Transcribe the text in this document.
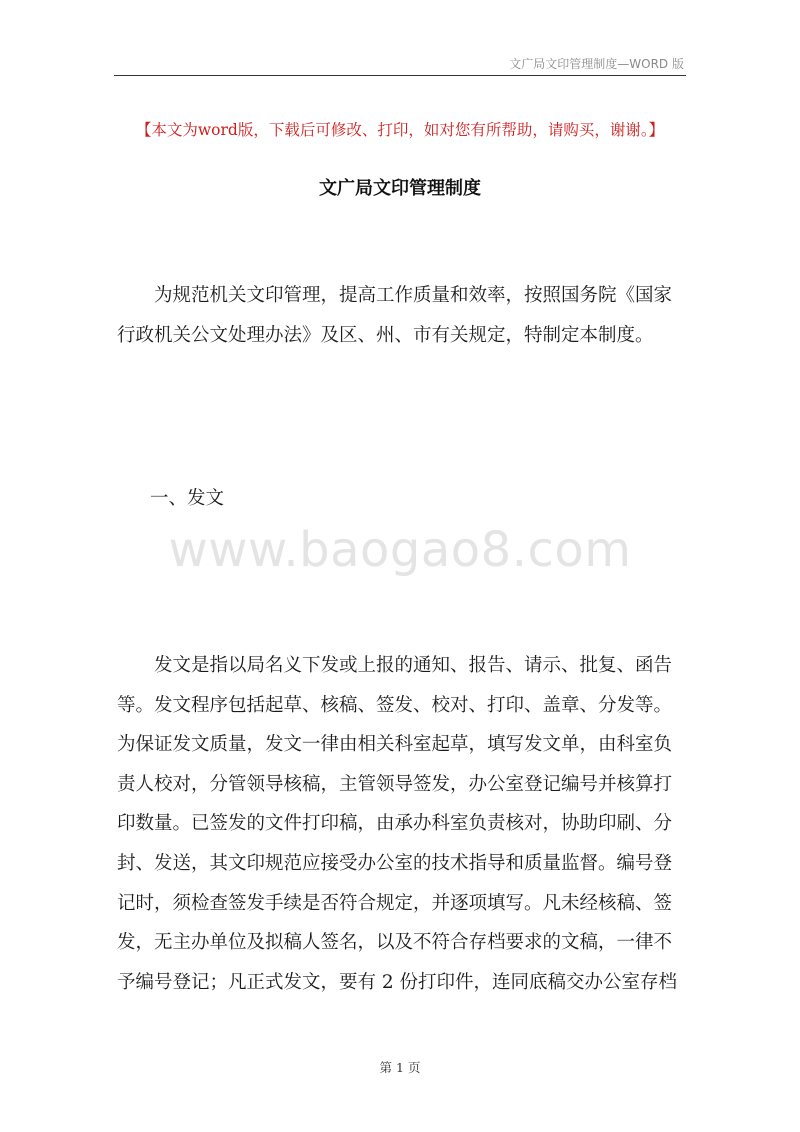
文广局文印管理制度—WORD 版
【本文为word版，下载后可修改、打印，如对您有所帮助，请购买，谢谢。】
文广局文印管理制度

为规范机关文印管理，提高工作质量和效率，按照国务院《国家
行政机关公文处理办法》及区、州、市有关规定，特制定本制度。

一、发文
www.baogao8.com

发文是指以局名义下发或上报的通知、报告、请示、批复、函告
等。发文程序包括起草、核稿、签发、校对、打印、盖章、分发等。
为保证发文质量，发文一律由相关科室起草，填写发文单，由科室负
责人校对，分管领导核稿，主管领导签发，办公室登记编号并核算打
印数量。已签发的文件打印稿，由承办科室负责核对，协助印刷、分
封、发送，其文印规范应接受办公室的技术指导和质量监督。编号登
记时，须检查签发手续是否符合规定，并逐项填写。凡未经核稿、签
发，无主办单位及拟稿人签名，以及不符合存档要求的文稿，一律不
予编号登记；凡正式发文，要有 2 份打印件，连同底稿交办公室存档

第 1 页
